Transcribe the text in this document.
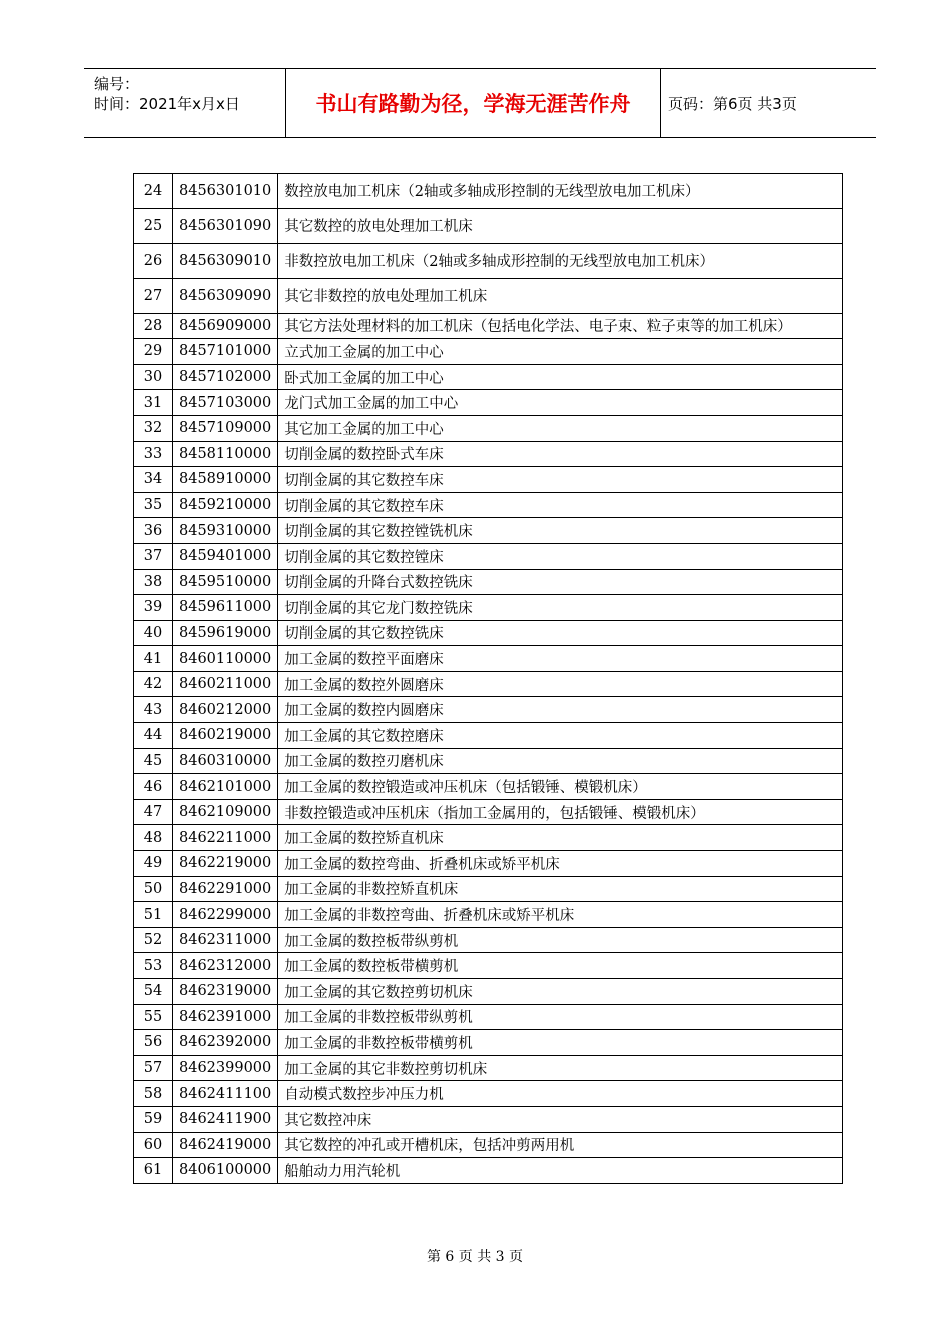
编号：
时间：2021年x月x日	书山有路勤为径，学海无涯苦作舟	页码：第6页 共3页
24	8456301010	数控放电加工机床（2轴或多轴成形控制的无线型放电加工机床）
25	8456301090	其它数控的放电处理加工机床
26	8456309010	非数控放电加工机床（2轴或多轴成形控制的无线型放电加工机床）
27	8456309090	其它非数控的放电处理加工机床
28	8456909000	其它方法处理材料的加工机床（包括电化学法、电子束、粒子束等的加工机床）
29	8457101000	立式加工金属的加工中心
30	8457102000	卧式加工金属的加工中心
31	8457103000	龙门式加工金属的加工中心
32	8457109000	其它加工金属的加工中心
33	8458110000	切削金属的数控卧式车床
34	8458910000	切削金属的其它数控车床
35	8459210000	切削金属的其它数控车床
36	8459310000	切削金属的其它数控镗铣机床
37	8459401000	切削金属的其它数控镗床
38	8459510000	切削金属的升降台式数控铣床
39	8459611000	切削金属的其它龙门数控铣床
40	8459619000	切削金属的其它数控铣床
41	8460110000	加工金属的数控平面磨床
42	8460211000	加工金属的数控外圆磨床
43	8460212000	加工金属的数控内圆磨床
44	8460219000	加工金属的其它数控磨床
45	8460310000	加工金属的数控刃磨机床
46	8462101000	加工金属的数控锻造或冲压机床（包括锻锤、模锻机床）
47	8462109000	非数控锻造或冲压机床（指加工金属用的，包括锻锤、模锻机床）
48	8462211000	加工金属的数控矫直机床
49	8462219000	加工金属的数控弯曲、折叠机床或矫平机床
50	8462291000	加工金属的非数控矫直机床
51	8462299000	加工金属的非数控弯曲、折叠机床或矫平机床
52	8462311000	加工金属的数控板带纵剪机
53	8462312000	加工金属的数控板带横剪机
54	8462319000	加工金属的其它数控剪切机床
55	8462391000	加工金属的非数控板带纵剪机
56	8462392000	加工金属的非数控板带横剪机
57	8462399000	加工金属的其它非数控剪切机床
58	8462411100	自动模式数控步冲压力机
59	8462411900	其它数控冲床
60	8462419000	其它数控的冲孔或开槽机床，包括冲剪两用机
61	8406100000	船舶动力用汽轮机
第 6 页 共 3 页
